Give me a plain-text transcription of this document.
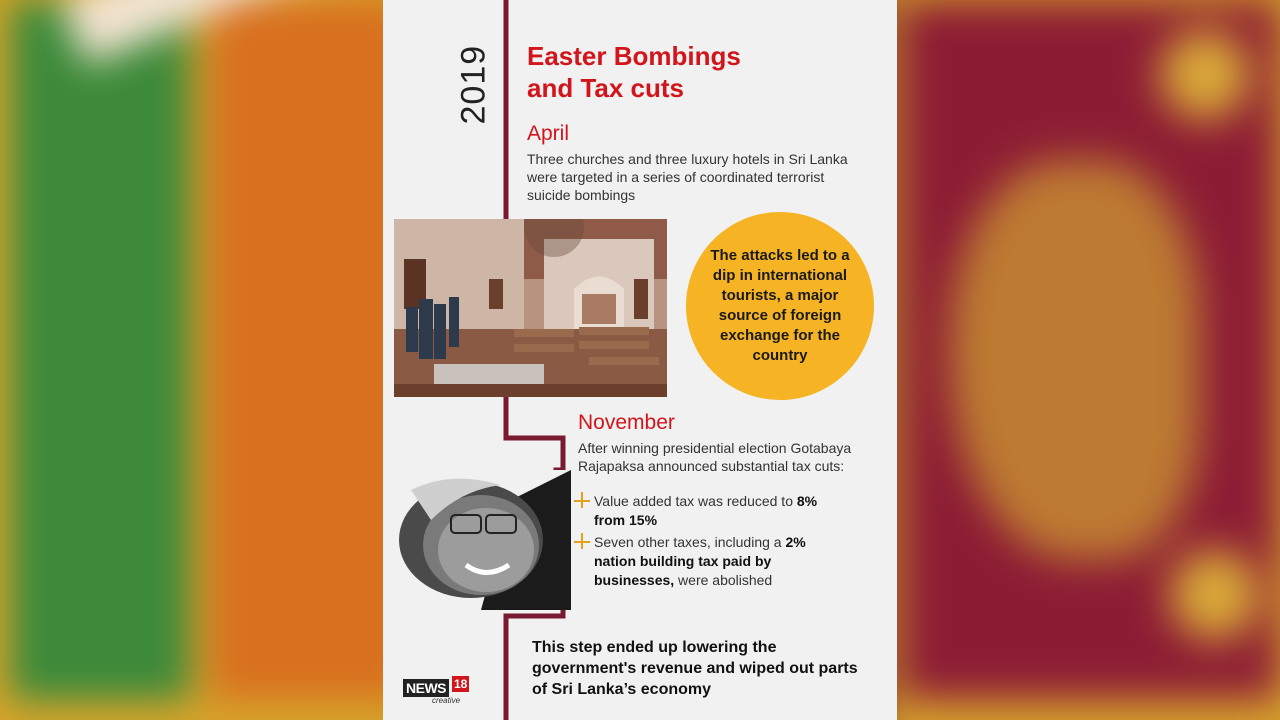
2019 Easter Bombings
and Tax cuts
April
Three churches and three luxury hotels in Sri Lanka were targeted in a series of coordinated terrorist suicide bombings
The attacks led to a dip in international tourists, a major source of foreign exchange for the country
November
After winning presidential election Gotabaya Rajapaksa announced substantial tax cuts:
Value added tax was reduced to 8% from 15%
Seven other taxes, including a 2% nation building tax paid by businesses, were abolished
This step ended up lowering the government's revenue and wiped out parts of Sri Lanka’s economy
NEWS 18
creative
